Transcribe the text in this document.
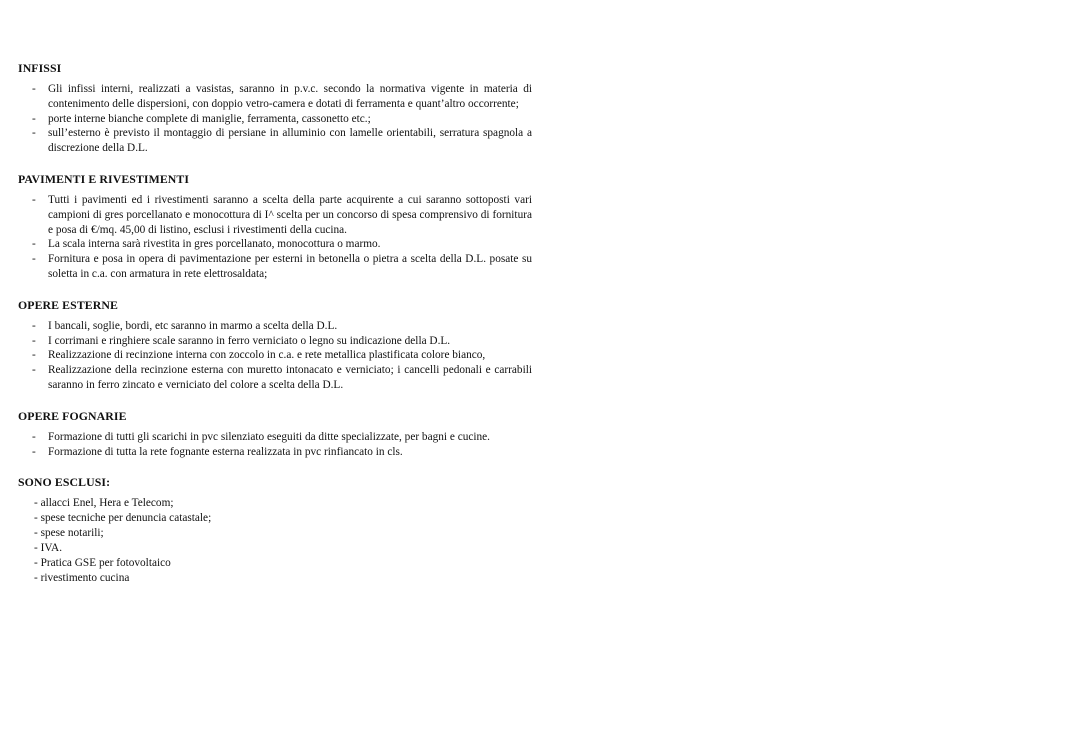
INFISSI
- Gli infissi interni, realizzati a vasistas, saranno in p.v.c. secondo la normativa vigente in materia di contenimento delle dispersioni, con doppio vetro-camera e dotati di ferramenta e quant’altro occorrente;
- porte interne bianche complete di maniglie, ferramenta, cassonetto etc.;
- sull’esterno è previsto il montaggio di persiane in alluminio con lamelle orientabili, serratura spagnola a discrezione della D.L.
PAVIMENTI E RIVESTIMENTI
- Tutti i pavimenti ed i rivestimenti saranno a scelta della parte acquirente a cui saranno sottoposti vari campioni di gres porcellanato e monocottura di I^ scelta per un concorso di spesa comprensivo di fornitura e posa di €/mq. 45,00 di listino, esclusi i rivestimenti della cucina.
- La scala interna sarà rivestita in gres porcellanato, monocottura o marmo.
- Fornitura e posa in opera di pavimentazione per esterni in betonella o pietra a scelta della D.L. posate su soletta in c.a. con armatura in rete elettrosaldata;
OPERE ESTERNE
- I bancali, soglie, bordi, etc saranno in marmo a scelta della D.L.
- I corrimani e ringhiere scale saranno in ferro verniciato o legno su indicazione della D.L.
- Realizzazione di recinzione interna con zoccolo in c.a. e rete metallica plastificata colore bianco,
- Realizzazione della recinzione esterna con muretto intonacato e verniciato; i cancelli pedonali e carrabili saranno in ferro zincato e verniciato del colore a scelta della D.L.
OPERE FOGNARIE
- Formazione di tutti gli scarichi in pvc silenziato eseguiti da ditte specializzate, per bagni e cucine.
- Formazione di tutta la rete fognante esterna realizzata in pvc rinfiancato in cls.
SONO ESCLUSI:
- allacci Enel, Hera e Telecom;
- spese tecniche per denuncia catastale;
- spese notarili;
- IVA.
- Pratica GSE per fotovoltaico
- rivestimento cucina
